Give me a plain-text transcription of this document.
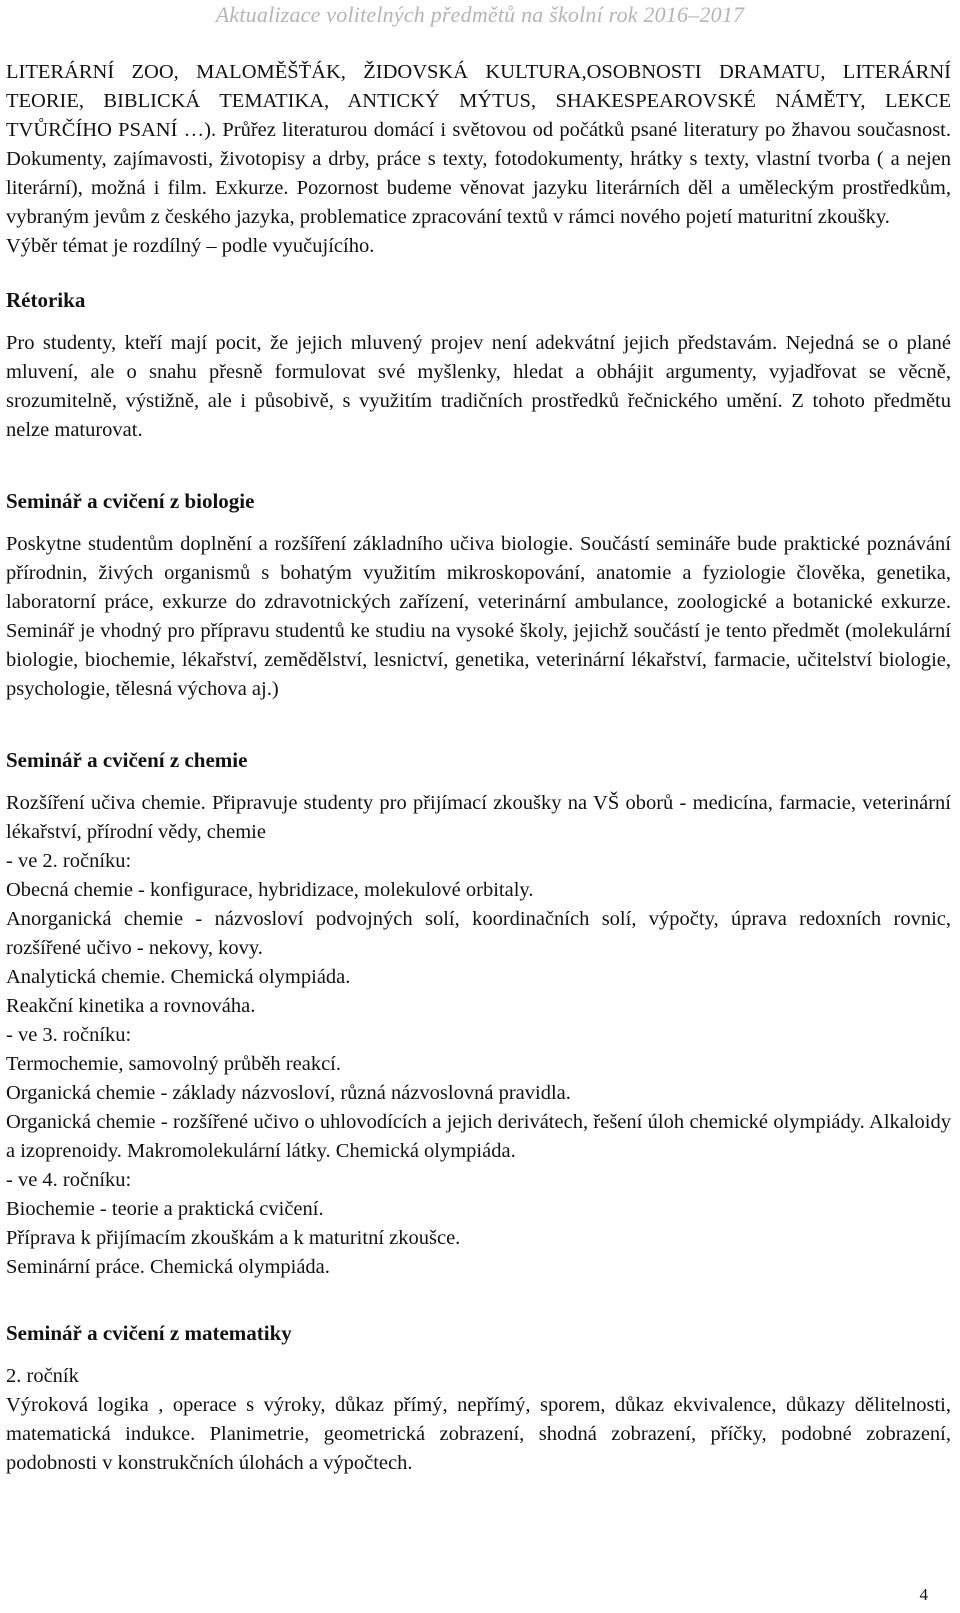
Aktualizace volitelných předmětů na školní rok 2016–2017

LITERÁRNÍ ZOO, MALOMĚŠŤÁK, ŽIDOVSKÁ KULTURA,OSOBNOSTI DRAMATU, LITERÁRNÍ TEORIE, BIBLICKÁ TEMATIKA, ANTICKÝ MÝTUS, SHAKESPEAROVSKÉ NÁMĚTY, LEKCE TVŮRČÍHO PSANÍ …). Průřez literaturou domácí i světovou od počátků psané literatury po žhavou současnost. Dokumenty, zajímavosti, životopisy a drby, práce s texty, fotodokumenty, hrátky s texty, vlastní tvorba ( a nejen literární), možná i film. Exkurze. Pozornost budeme věnovat jazyku literárních děl a uměleckým prostředkům, vybraným jevům z českého jazyka, problematice zpracování textů v rámci nového pojetí maturitní zkoušky.

Výběr témat je rozdílný – podle vyučujícího.

Rétorika

Pro studenty, kteří mají pocit, že jejich mluvený projev není adekvátní jejich představám. Nejedná se o plané mluvení, ale o snahu přesně formulovat své myšlenky, hledat a obhájit argumenty, vyjadřovat se věcně, srozumitelně, výstižně, ale i působivě, s využitím tradičních prostředků řečnického umění. Z tohoto předmětu nelze maturovat.

Seminář a cvičení z biologie

Poskytne studentům doplnění a rozšíření základního učiva biologie. Součástí semináře bude praktické poznávání přírodnin, živých organismů s bohatým využitím mikroskopování, anatomie a fyziologie člověka, genetika, laboratorní práce, exkurze do zdravotnických zařízení, veterinární ambulance, zoologické a botanické exkurze. Seminář je vhodný pro přípravu studentů ke studiu na vysoké školy, jejichž součástí je tento předmět (molekulární biologie, biochemie, lékařství, zemědělství, lesnictví, genetika, veterinární lékařství, farmacie, učitelství biologie, psychologie, tělesná výchova aj.)

Seminář a cvičení z chemie

Rozšíření učiva chemie. Připravuje studenty pro přijímací zkoušky na VŠ oborů - medicína, farmacie, veterinární lékařství, přírodní vědy, chemie

- ve 2. ročníku:

Obecná chemie - konfigurace, hybridizace, molekulové orbitaly.

Anorganická chemie - názvosloví podvojných solí, koordinačních solí, výpočty, úprava redoxních rovnic, rozšířené učivo - nekovy, kovy.

Analytická chemie. Chemická olympiáda.

Reakční kinetika a rovnováha.

- ve 3. ročníku:

Termochemie, samovolný průběh reakcí.

Organická chemie - základy názvosloví, různá názvoslovná pravidla.

Organická chemie - rozšířené učivo o uhlovodících a jejich derivátech, řešení úloh chemické olympiády. Alkaloidy a izoprenoidy. Makromolekulární látky. Chemická olympiáda.

- ve 4. ročníku:

Biochemie - teorie a praktická cvičení.

Příprava k přijímacím zkouškám a k maturitní zkoušce.

Seminární práce. Chemická olympiáda.

Seminář a cvičení z matematiky

2. ročník

Výroková logika , operace s výroky, důkaz přímý, nepřímý, sporem, důkaz ekvivalence, důkazy dělitelnosti, matematická indukce. Planimetrie, geometrická zobrazení, shodná zobrazení, příčky, podobné zobrazení, podobnosti v konstrukčních úlohách a výpočtech.

4
